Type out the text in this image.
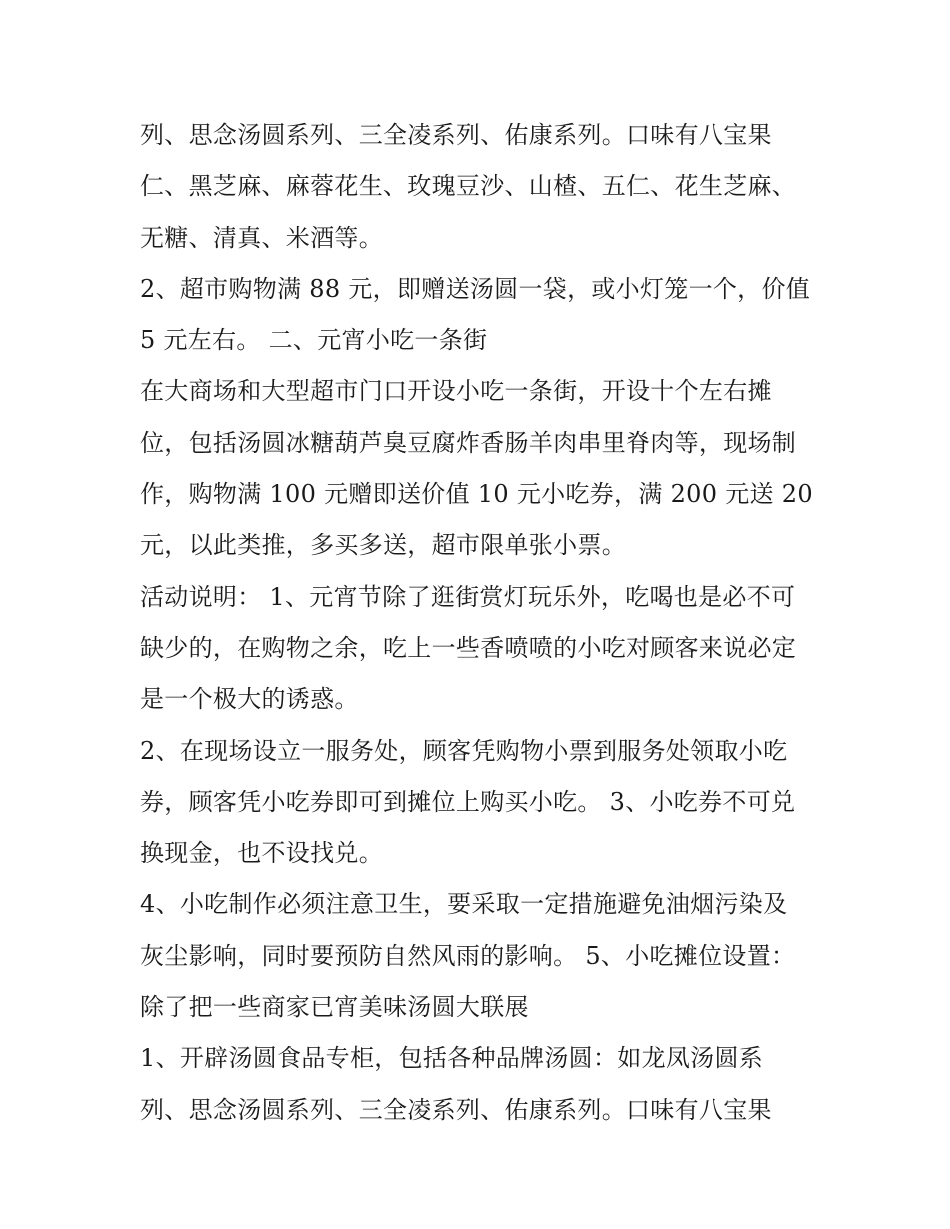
列、思念汤圆系列、三全凌系列、佑康系列。口味有八宝果
仁、黑芝麻、麻蓉花生、玫瑰豆沙、山楂、五仁、花生芝麻、
无糖、清真、米酒等。
2、超市购物满 88 元，即赠送汤圆一袋，或小灯笼一个，价值
5 元左右。 二、元宵小吃一条街
在大商场和大型超市门口开设小吃一条街，开设十个左右摊
位，包括汤圆冰糖葫芦臭豆腐炸香肠羊肉串里脊肉等，现场制
作，购物满 100 元赠即送价值 10 元小吃券，满 200 元送 20
元，以此类推，多买多送，超市限单张小票。
活动说明： 1、元宵节除了逛街赏灯玩乐外，吃喝也是必不可
缺少的，在购物之余，吃上一些香喷喷的小吃对顾客来说必定
是一个极大的诱惑。
2、在现场设立一服务处，顾客凭购物小票到服务处领取小吃
券，顾客凭小吃券即可到摊位上购买小吃。 3、小吃券不可兑
换现金，也不设找兑。
4、小吃制作必须注意卫生，要采取一定措施避免油烟污染及
灰尘影响，同时要预防自然风雨的影响。 5、小吃摊位设置：
除了把一些商家已宵美味汤圆大联展
1、开辟汤圆食品专柜，包括各种品牌汤圆：如龙凤汤圆系
列、思念汤圆系列、三全凌系列、佑康系列。口味有八宝果
